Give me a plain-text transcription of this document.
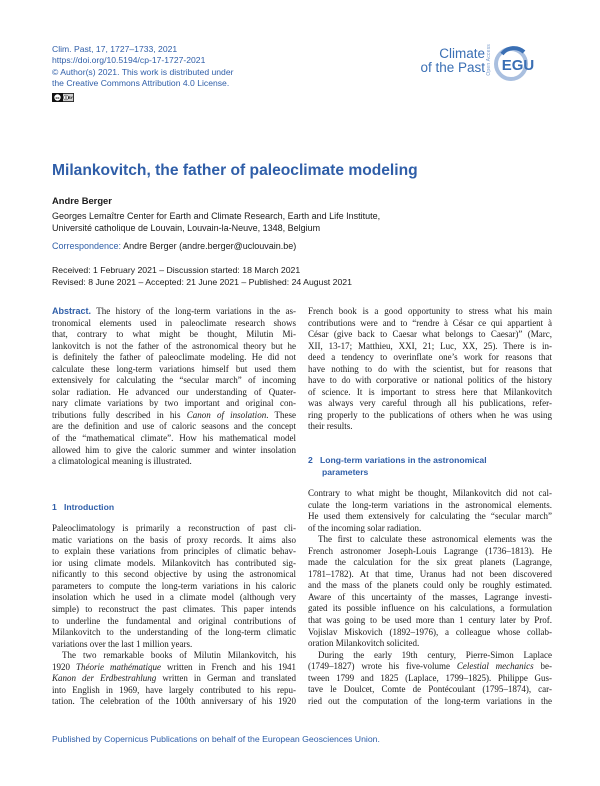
Clim. Past, 17, 1727–1733, 2021
https://doi.org/10.5194/cp-17-1727-2021
© Author(s) 2021. This work is distributed under
the Creative Commons Attribution 4.0 License.
cc	BY
Climate
of the Past Open Access EGU
Milankovitch, the father of paleoclimate modeling
Andre Berger
Georges Lemaître Center for Earth and Climate Research, Earth and Life Institute,
Université catholique de Louvain, Louvain-la-Neuve, 1348, Belgium
Correspondence: Andre Berger (andre.berger@uclouvain.be)
Received: 1 February 2021 – Discussion started: 18 March 2021
Revised: 8 June 2021 – Accepted: 21 June 2021 – Published: 24 August 2021
Abstract. The history of the long-term variations in the as-
tronomical elements used in paleoclimate research shows
that, contrary to what might be thought, Milutin Mi-
lankovitch is not the father of the astronomical theory but he
is definitely the father of paleoclimate modeling. He did not
calculate these long-term variations himself but used them
extensively for calculating the “secular march” of incoming
solar radiation. He advanced our understanding of Quater-
nary climate variations by two important and original con-
tributions fully described in his Canon of insolation. These
are the definition and use of caloric seasons and the concept
of the “mathematical climate”. How his mathematical model
allowed him to give the caloric summer and winter insolation
a climatological meaning is illustrated.
1 Introduction
Paleoclimatology is primarily a reconstruction of past cli-
matic variations on the basis of proxy records. It aims also
to explain these variations from principles of climatic behav-
ior using climate models. Milankovitch has contributed sig-
nificantly to this second objective by using the astronomical
parameters to compute the long-term variations in his caloric
insolation which he used in a climate model (although very
simple) to reconstruct the past climates. This paper intends
to underline the fundamental and original contributions of
Milankovitch to the understanding of the long-term climatic
variations over the last 1 million years.
The two remarkable books of Milutin Milankovitch, his
1920 Théorie mathématique written in French and his 1941
Kanon der Erdbestrahlung written in German and translated
into English in 1969, have largely contributed to his repu-
tation. The celebration of the 100th anniversary of his 1920
French book is a good opportunity to stress what his main
contributions were and to “rendre à César ce qui appartient à
César (give back to Caesar what belongs to Caesar)” (Marc,
XII, 13-17; Matthieu, XXI, 21; Luc, XX, 25). There is in-
deed a tendency to overinflate one’s work for reasons that
have nothing to do with the scientist, but for reasons that
have to do with corporative or national politics of the history
of science. It is important to stress here that Milankovitch
was always very careful through all his publications, refer-
ring properly to the publications of others when he was using
their results.
2 Long-term variations in the astronomical
parameters
Contrary to what might be thought, Milankovitch did not cal-
culate the long-term variations in the astronomical elements.
He used them extensively for calculating the “secular march”
of the incoming solar radiation.
The first to calculate these astronomical elements was the
French astronomer Joseph-Louis Lagrange (1736–1813). He
made the calculation for the six great planets (Lagrange,
1781–1782). At that time, Uranus had not been discovered
and the mass of the planets could only be roughly estimated.
Aware of this uncertainty of the masses, Lagrange investi-
gated its possible influence on his calculations, a formulation
that was going to be used more than 1 century later by Prof.
Vojislav Miskovich (1892–1976), a colleague whose collab-
oration Milankovitch solicited.
During the early 19th century, Pierre-Simon Laplace
(1749–1827) wrote his five-volume Celestial mechanics be-
tween 1799 and 1825 (Laplace, 1799–1825). Philippe Gus-
tave le Doulcet, Comte de Pontécoulant (1795–1874), car-
ried out the computation of the long-term variations in the
Published by Copernicus Publications on behalf of the European Geosciences Union.
